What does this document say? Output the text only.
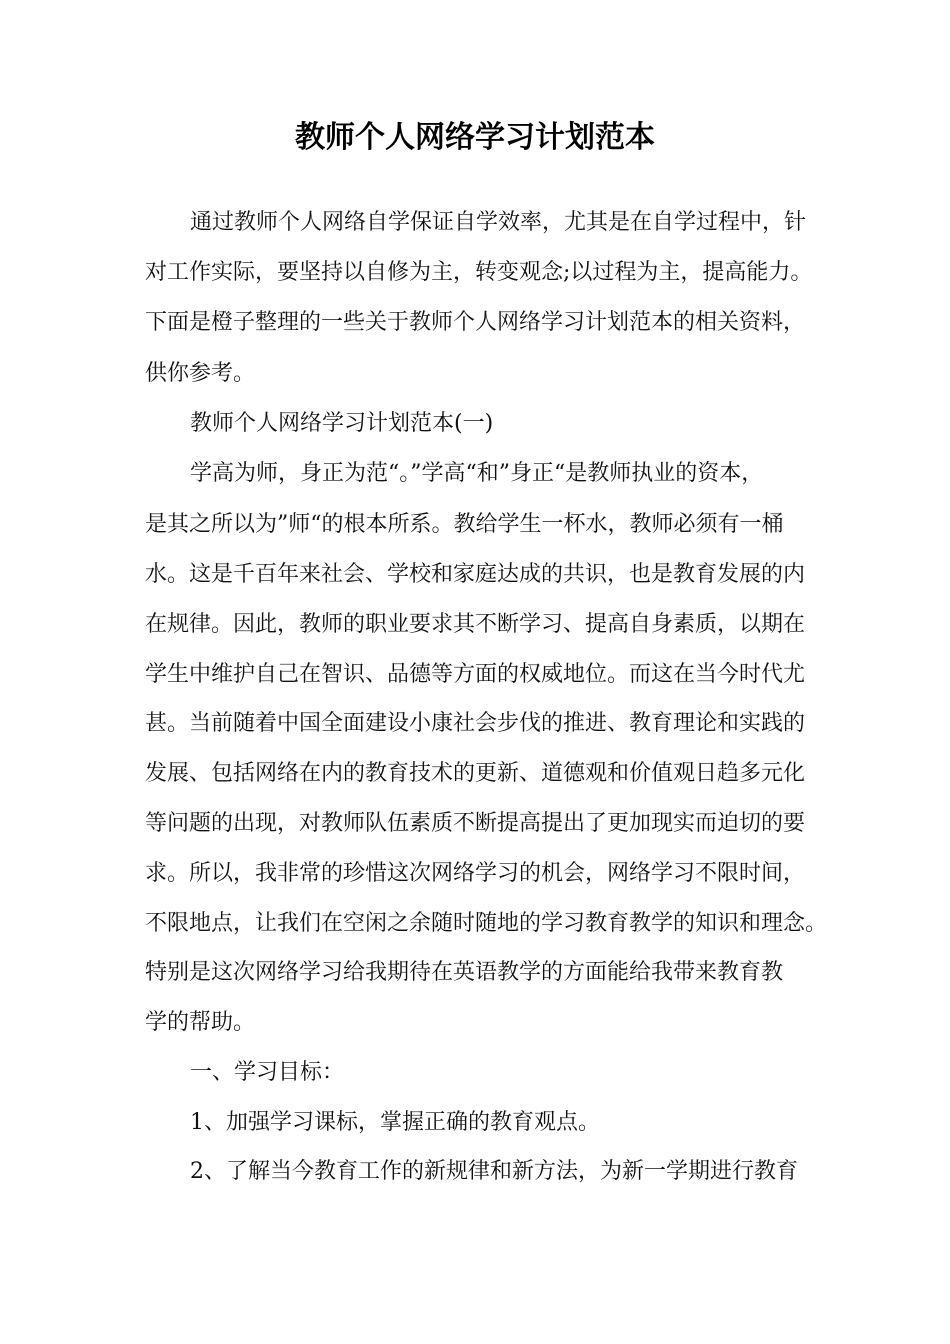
教师个人网络学习计划范本

通过教师个人网络自学保证自学效率，尤其是在自学过程中，针

对工作实际，要坚持以自修为主，转变观念;以过程为主，提高能力。

下面是橙子整理的一些关于教师个人网络学习计划范本的相关资料，

供你参考。

教师个人网络学习计划范本(一)

学高为师，身正为范“。”学高“和”身正“是教师执业的资本，

是其之所以为”师“的根本所系。教给学生一杯水，教师必须有一桶

水。这是千百年来社会、学校和家庭达成的共识，也是教育发展的内

在规律。因此，教师的职业要求其不断学习、提高自身素质，以期在

学生中维护自己在智识、品德等方面的权威地位。而这在当今时代尤

甚。当前随着中国全面建设小康社会步伐的推进、教育理论和实践的

发展、包括网络在内的教育技术的更新、道德观和价值观日趋多元化

等问题的出现，对教师队伍素质不断提高提出了更加现实而迫切的要

求。所以，我非常的珍惜这次网络学习的机会，网络学习不限时间，

不限地点，让我们在空闲之余随时随地的学习教育教学的知识和理念。

特别是这次网络学习给我期待在英语教学的方面能给我带来教育教

学的帮助。

一、学习目标：

1、加强学习课标，掌握正确的教育观点。

2、了解当今教育工作的新规律和新方法，为新一学期进行教育
